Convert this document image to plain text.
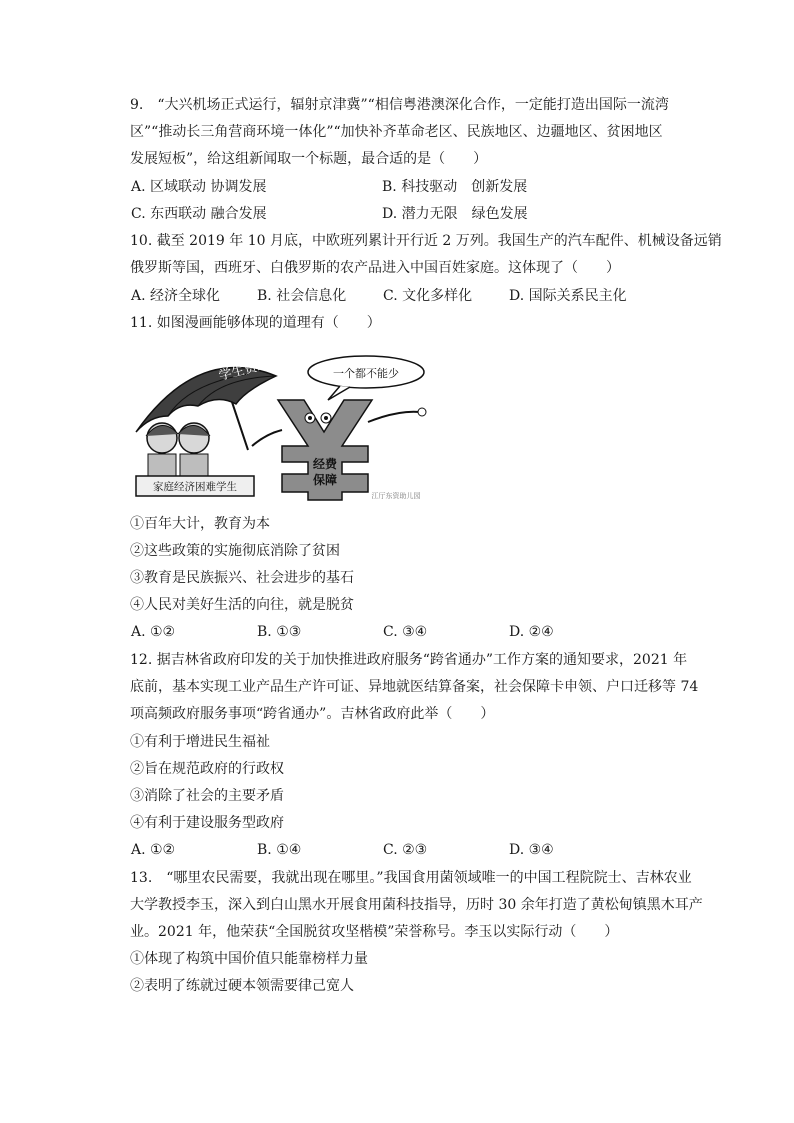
9.　“大兴机场正式运行，辐射京津冀”“相信粤港澳深化合作，一定能打造出国际一流湾
区”“推动长三角营商环境一体化”“加快补齐革命老区、民族地区、边疆地区、贫困地区
发展短板”，给这组新闻取一个标题，最合适的是（　　）
A. 区域联动 协调发展	B. 科技驱动　创新发展
C. 东西联动 融合发展	D. 潜力无限　绿色发展
10. 截至 2019 年 10 月底，中欧班列累计开行近 2 万列。我国生产的汽车配件、机械设备远销
俄罗斯等国，西班牙、白俄罗斯的农产品进入中国百姓家庭。这体现了（　　）
A. 经济全球化	B. 社会信息化	C. 文化多样化	D. 国际关系民主化
11. 如图漫画能够体现的道理有（　　）
学生资助政策	一个都不能少
经费
保障
家庭经济困难学生
江厅东资助儿园
①百年大计，教育为本
②这些政策的实施彻底消除了贫困
③教育是民族振兴、社会进步的基石
④人民对美好生活的向往，就是脱贫
A. ①②	B. ①③	C. ③④	D. ②④
12. 据吉林省政府印发的关于加快推进政府服务“跨省通办”工作方案的通知要求，2021 年
底前，基本实现工业产品生产许可证、异地就医结算备案，社会保障卡申领、户口迁移等 74
项高频政府服务事项“跨省通办”。吉林省政府此举（　　）
①有利于增进民生福祉
②旨在规范政府的行政权
③消除了社会的主要矛盾
④有利于建设服务型政府
A. ①②	B. ①④	C. ②③	D. ③④
13.　“哪里农民需要，我就出现在哪里。”我国食用菌领域唯一的中国工程院院士、吉林农业
大学教授李玉，深入到白山黑水开展食用菌科技指导，历时 30 余年打造了黄松甸镇黑木耳产
业。2021 年，他荣获“全国脱贫攻坚楷模”荣誉称号。李玉以实际行动（　　）
①体现了构筑中国价值只能靠榜样力量
②表明了练就过硬本领需要律己宽人
